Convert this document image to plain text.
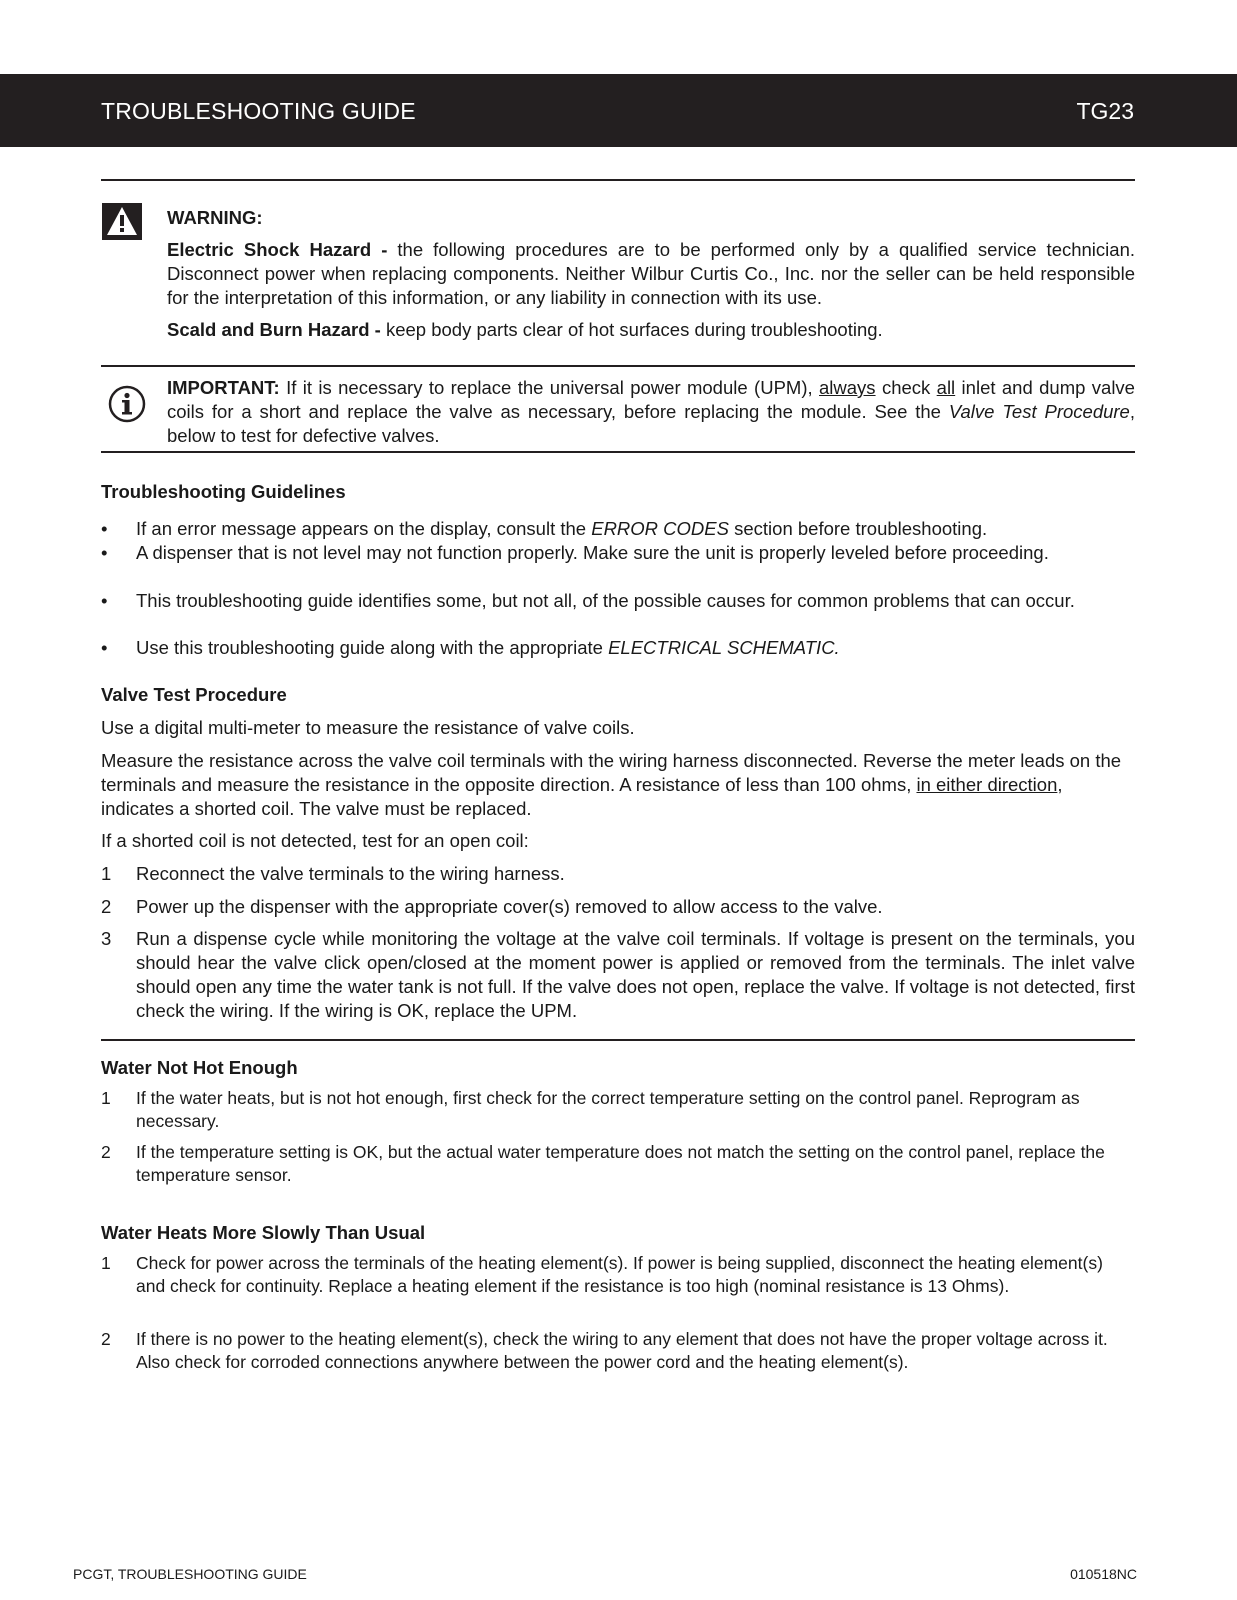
TROUBLESHOOTING GUIDE	TG23
WARNING:
Electric Shock Hazard - the following procedures are to be performed only by a qualified service technician. Disconnect power when replacing components. Neither Wilbur Curtis Co., Inc. nor the seller can be held responsible for the interpretation of this information, or any liability in connection with its use.
Scald and Burn Hazard - keep body parts clear of hot surfaces during troubleshooting.
IMPORTANT: If it is necessary to replace the universal power module (UPM), always check all inlet and dump valve coils for a short and replace the valve as necessary, before replacing the module. See the Valve Test Procedure, below to test for defective valves.
Troubleshooting Guidelines
• If an error message appears on the display, consult the ERROR CODES section before troubleshooting.
• A dispenser that is not level may not function properly. Make sure the unit is properly leveled before proceeding.
• This troubleshooting guide identifies some, but not all, of the possible causes for common problems that can occur.
• Use this troubleshooting guide along with the appropriate ELECTRICAL SCHEMATIC.
Valve Test Procedure
Use a digital multi-meter to measure the resistance of valve coils.
Measure the resistance across the valve coil terminals with the wiring harness disconnected. Reverse the meter leads on the terminals and measure the resistance in the opposite direction. A resistance of less than 100 ohms, in either direction, indicates a shorted coil. The valve must be replaced.
If a shorted coil is not detected, test for an open coil:
1 Reconnect the valve terminals to the wiring harness.
2 Power up the dispenser with the appropriate cover(s) removed to allow access to the valve.
3 Run a dispense cycle while monitoring the voltage at the valve coil terminals. If voltage is present on the terminals, you should hear the valve click open/closed at the moment power is applied or removed from the terminals. The inlet valve should open any time the water tank is not full. If the valve does not open, replace the valve. If voltage is not detected, first check the wiring. If the wiring is OK, replace the UPM.
Water Not Hot Enough
1 If the water heats, but is not hot enough, first check for the correct temperature setting on the control panel. Reprogram as necessary.
2 If the temperature setting is OK, but the actual water temperature does not match the setting on the control panel, replace the temperature sensor.
Water Heats More Slowly Than Usual
1 Check for power across the terminals of the heating element(s). If power is being supplied, disconnect the heating element(s) and check for continuity. Replace a heating element if the resistance is too high (nominal resistance is 13 Ohms).
2 If there is no power to the heating element(s), check the wiring to any element that does not have the proper voltage across it. Also check for corroded connections anywhere between the power cord and the heating element(s).
PCGT, TROUBLESHOOTING GUIDE	010518NC
